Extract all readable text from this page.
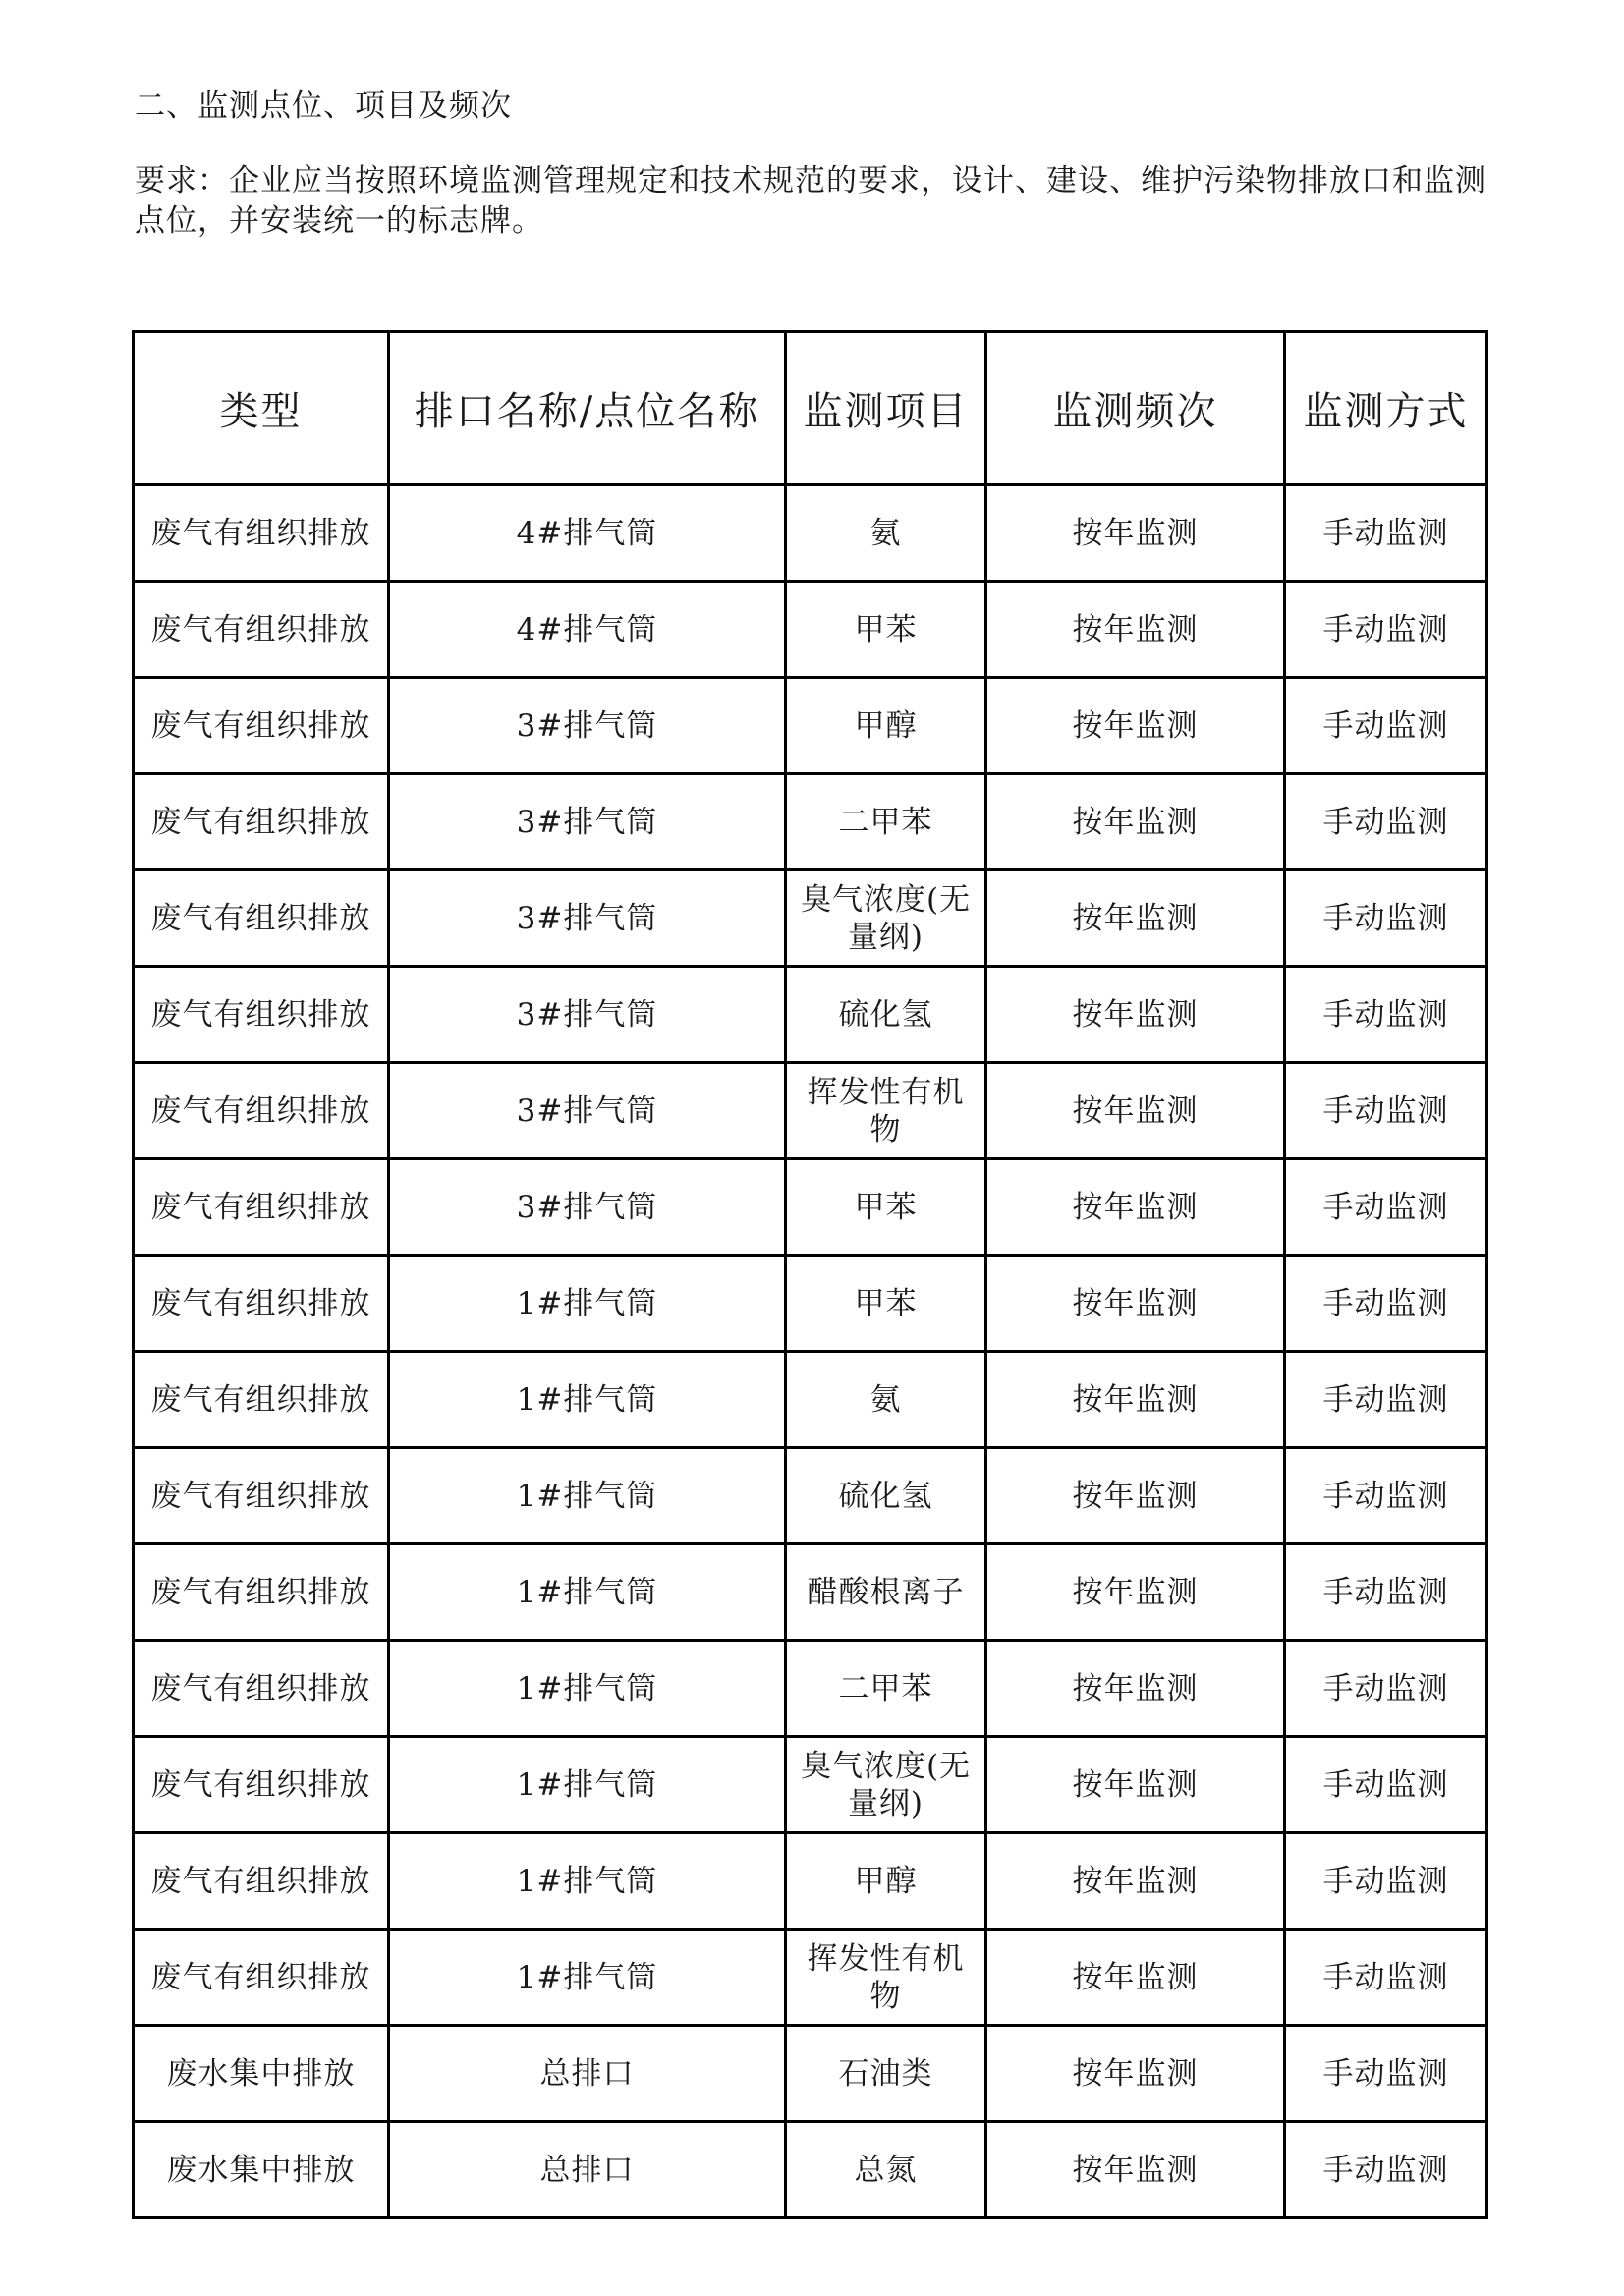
二、监测点位、项目及频次
要求：企业应当按照环境监测管理规定和技术规范的要求，设计、建设、维护污染物排放口和监测点位，并安装统一的标志牌。
类型	排口名称/点位名称	监测项目	监测频次	监测方式
废气有组织排放	4#排气筒	氨	按年监测	手动监测
废气有组织排放	4#排气筒	甲苯	按年监测	手动监测
废气有组织排放	3#排气筒	甲醇	按年监测	手动监测
废气有组织排放	3#排气筒	二甲苯	按年监测	手动监测
废气有组织排放	3#排气筒	臭气浓度(无量纲)	按年监测	手动监测
废气有组织排放	3#排气筒	硫化氢	按年监测	手动监测
废气有组织排放	3#排气筒	挥发性有机物	按年监测	手动监测
废气有组织排放	3#排气筒	甲苯	按年监测	手动监测
废气有组织排放	1#排气筒	甲苯	按年监测	手动监测
废气有组织排放	1#排气筒	氨	按年监测	手动监测
废气有组织排放	1#排气筒	硫化氢	按年监测	手动监测
废气有组织排放	1#排气筒	醋酸根离子	按年监测	手动监测
废气有组织排放	1#排气筒	二甲苯	按年监测	手动监测
废气有组织排放	1#排气筒	臭气浓度(无量纲)	按年监测	手动监测
废气有组织排放	1#排气筒	甲醇	按年监测	手动监测
废气有组织排放	1#排气筒	挥发性有机物	按年监测	手动监测
废水集中排放	总排口	石油类	按年监测	手动监测
废水集中排放	总排口	总氮	按年监测	手动监测
